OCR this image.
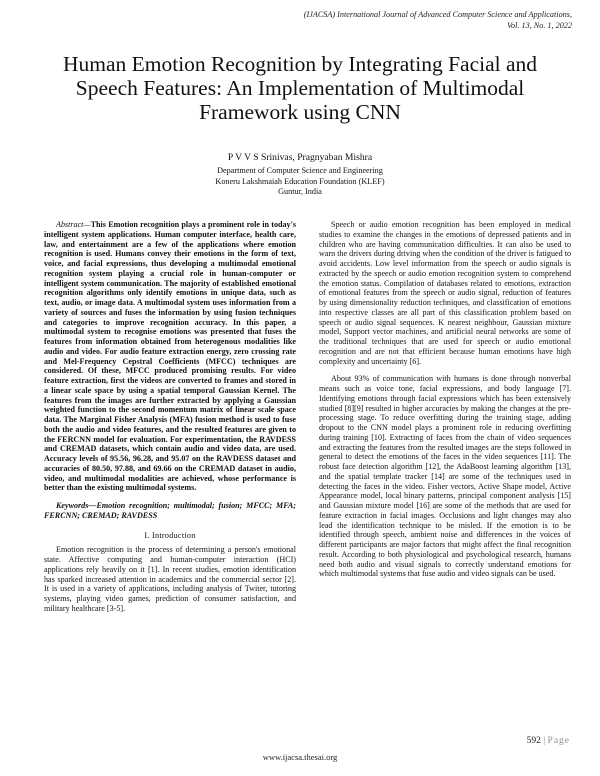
(IJACSA) International Journal of Advanced Computer Science and Applications,
Vol. 13, No. 1, 2022
Human Emotion Recognition by Integrating Facial and Speech Features: An Implementation of Multimodal Framework using CNN
P V V S Srinivas, Pragnyaban Mishra
Department of Computer Science and Engineering
Koneru Lakshmaiah Education Foundation (KLEF)
Guntur, India

Abstract—This Emotion recognition plays a prominent role in today's intelligent system applications. Human computer interface, health care, law, and entertainment are a few of the applications where emotion recognition is used. Humans convey their emotions in the form of text, voice, and facial expressions, thus developing a multimodal emotional recognition system playing a crucial role in human-computer or intelligent system communication. The majority of established emotional recognition algorithms only identify emotions in unique data, such as text, audio, or image data. A multimodal system uses information from a variety of sources and fuses the information by using fusion techniques and categories to improve recognition accuracy. In this paper, a multimodal system to recognise emotions was presented that fuses the features from information obtained from heterogenous modalities like audio and video. For audio feature extraction energy, zero crossing rate and Mel-Frequency Cepstral Coefficients (MFCC) techniques are considered. Of these, MFCC produced promising results. For video feature extraction, first the videos are converted to frames and stored in a linear scale space by using a spatial temporal Gaussian Kernel. The features from the images are further extracted by applying a Gaussian weighted function to the second momentum matrix of linear scale space data. The Marginal Fisher Analysis (MFA) fusion method is used to fuse both the audio and video features, and the resulted features are given to the FERCNN model for evaluation. For experimentation, the RAVDESS and CREMAD datasets, which contain audio and video data, are used. Accuracy levels of 95.56, 96.28, and 95.07 on the RAVDESS dataset and accuracies of 80.50, 97.88, and 69.66 on the CREMAD dataset in audio, video, and multimodal modalities are achieved, whose performance is better than the existing multimodal systems.

Keywords—Emotion recognition; multimodal; fusion; MFCC; MFA; FERCNN; CREMAD; RAVDESS

I. Introduction

Emotion recognition is the process of determining a person's emotional state. Affective computing and human-computer interaction (HCI) applications rely heavily on it [1]. In recent studies, emotion identification has sparked increased attention in academics and the commercial sector [2]. It is used in a variety of applications, including analysis of Twiter, tutoring systems, playing video games, prediction of consumer satisfaction, and military healthcare [3-5].

Speech or audio emotion recognition has been employed in medical studies to examine the changes in the emotions of depressed patients and in children who are having communication difficulties. It can also be used to warn the drivers during driving when the condition of the driver is fatigued to avoid accidents. Low level information from the speech or audio signals is extracted by the speech or audio emotion recognition system to comprehend the emotion status. Compilation of databases related to emotions, extraction of emotional features from the speech or audio signal, reduction of features by using dimensionality reduction techniques, and classification of emotions into respective classes are all part of this classification problem based on speech or audio signal sequences. K nearest neighbour, Gaussian mixture model, Support vector machines, and artificial neural networks are some of the traditional techniques that are used for speech or audio emotional recognition and are not that efficient because human emotions have high complexity and uncertainty [6].

About 93% of communication with humans is done through nonverbal means such as voice tone, facial expressions, and body language [7]. Identifying emotions through facial expressions which has been extensively studied [8][9] resulted in higher accuracies by making the changes at the pre-processing stage. To reduce overfitting during the training stage, adding dropout to the CNN model plays a prominent role in reducing overfitting during training [10]. Extracting of faces from the chain of video sequences and extracting the features from the resulted images are the steps followed in general to detect the emotions of the faces in the video sequences [11]. The robust face detection algorithm [12], the AdaBoost learning algorithm [13], and the spatial template tracker [14] are some of the techniques used in detecting the faces in the video. Fisher vectors, Active Shape model, Active Appearance model, local binary patterns, principal component analysis [15] and Gaussian mixture model [16] are some of the methods that are used for feature extraction in facial images. Occlusions and light changes may also lead the identification technique to be misled. If the emotion is to be identified through speech, ambient noise and differences in the voices of different participants are major factors that might affect the final recognition result. According to both physiological and psychological research, humans need both audio and visual signals to correctly understand emotions for which multimodal systems that fuse audio and video signals can be used.

592 | Page
www.ijacsa.thesai.org
